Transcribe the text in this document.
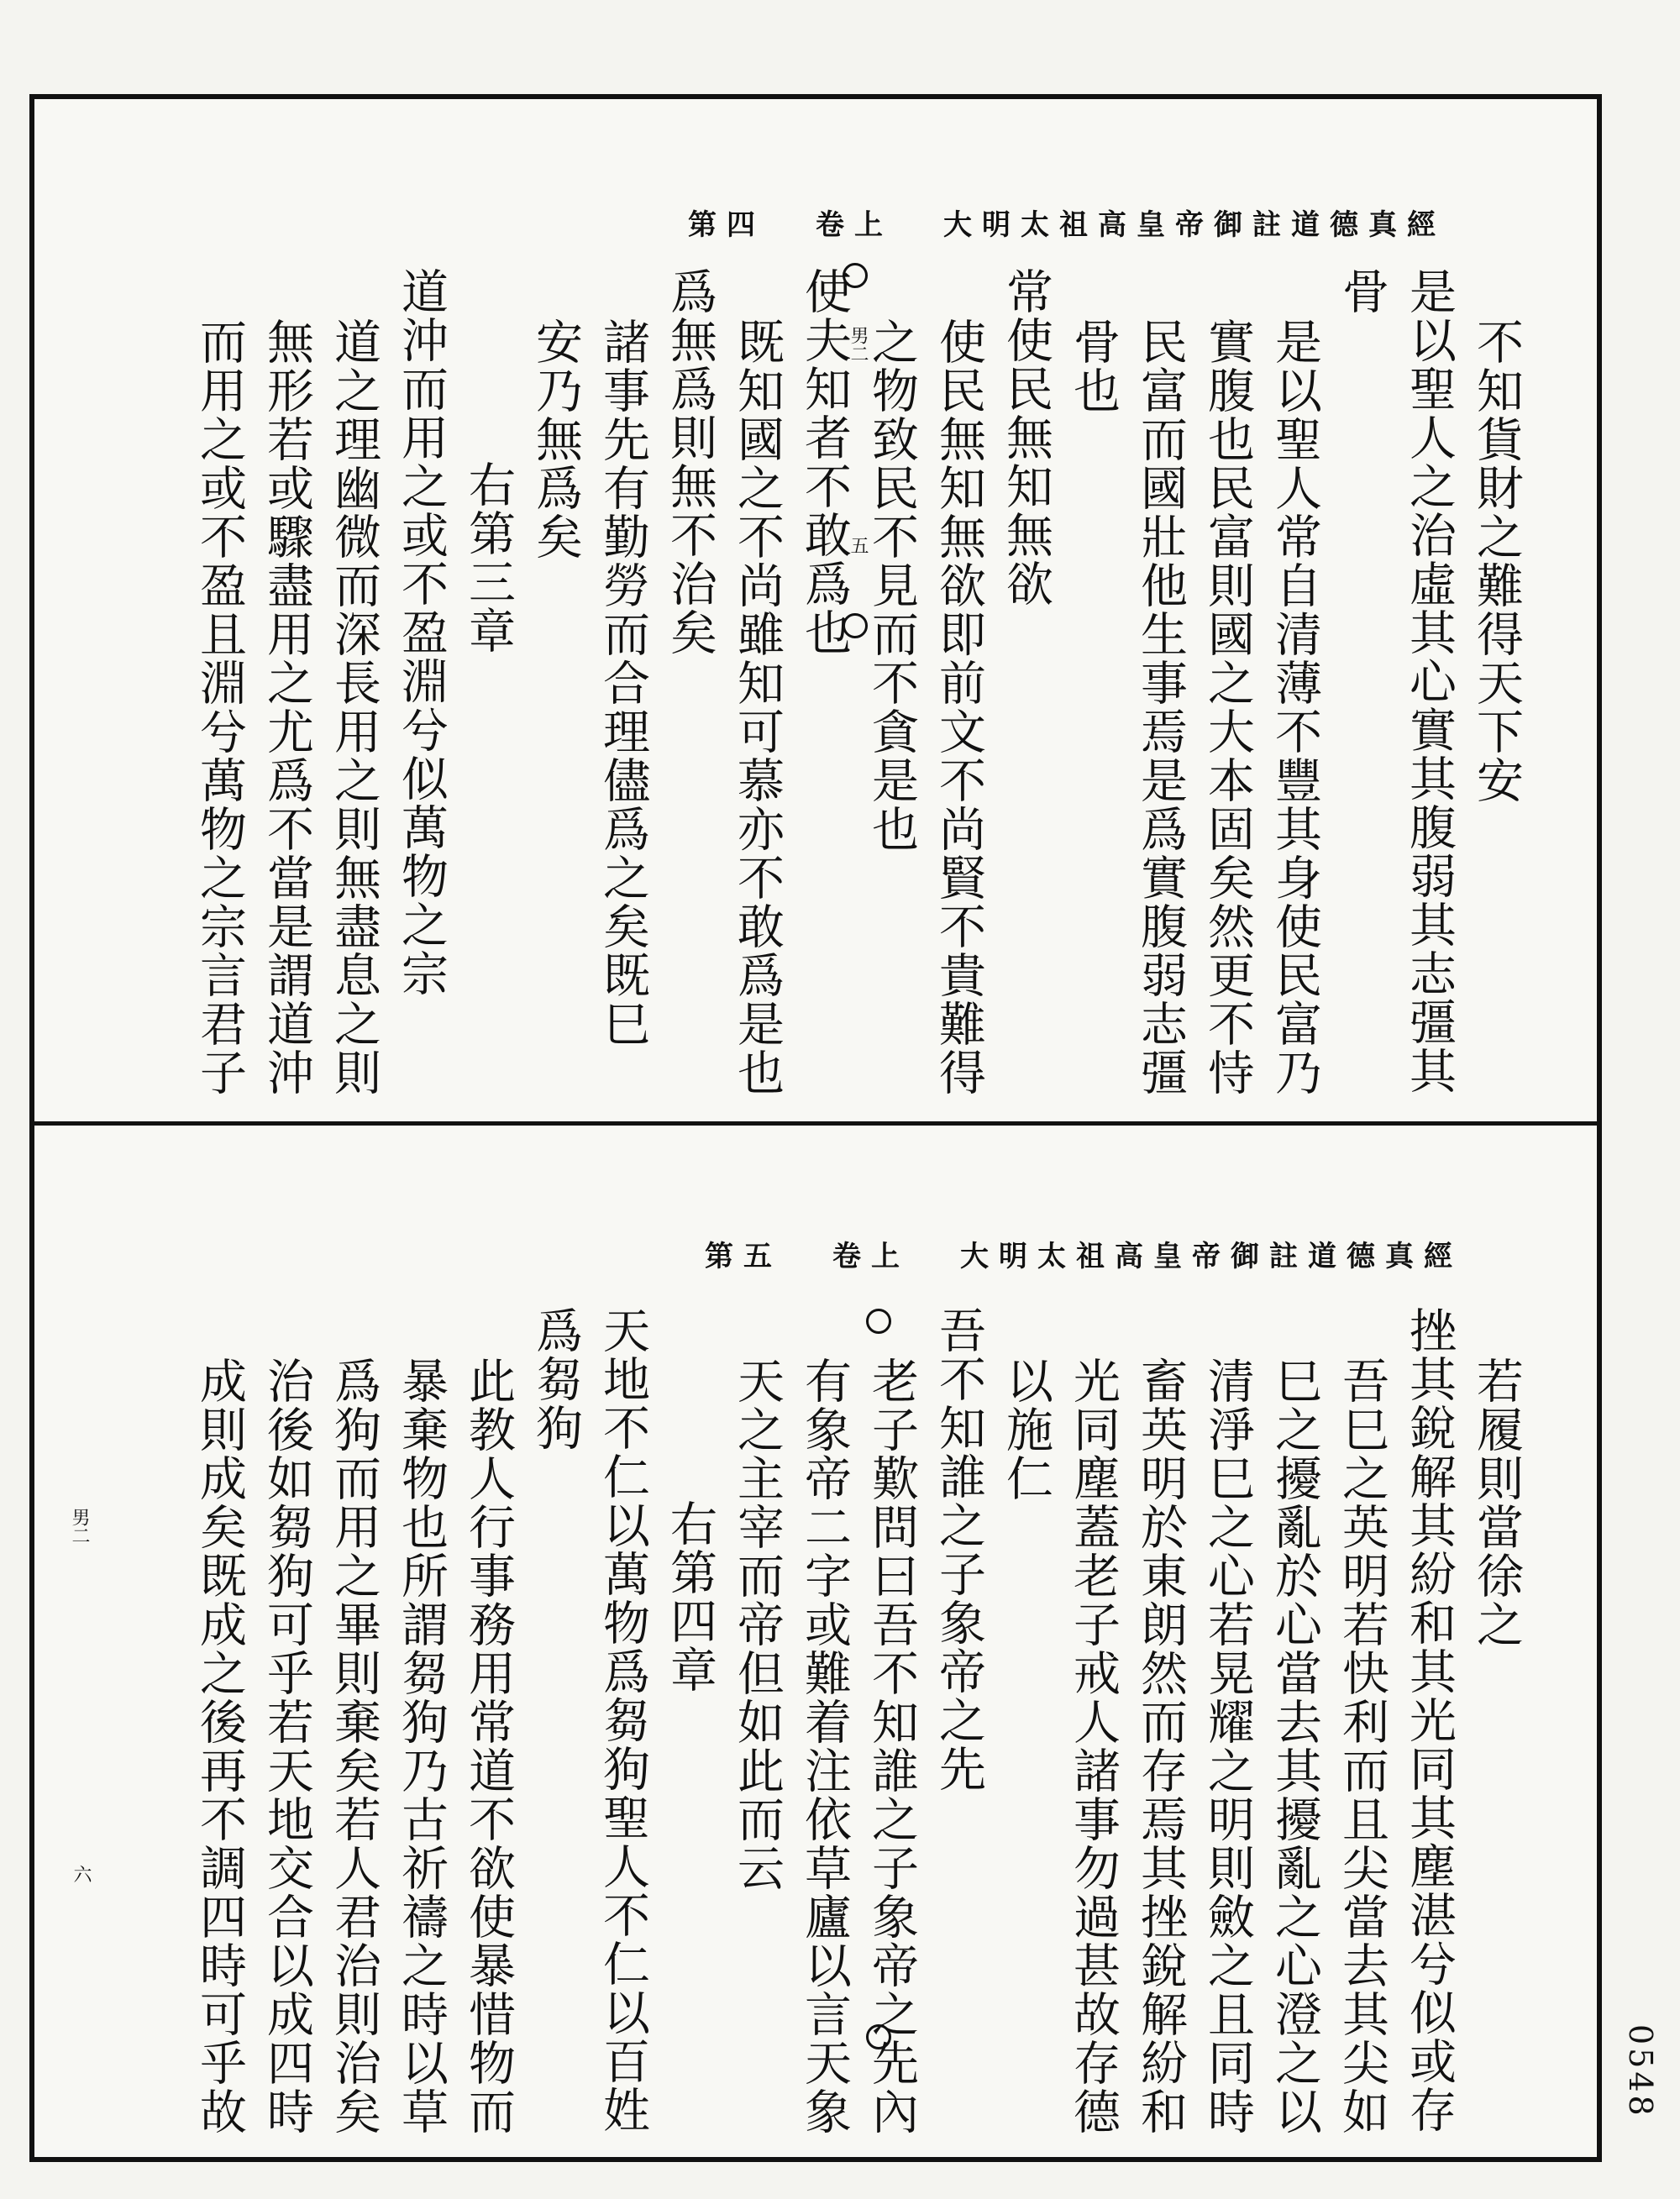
0548
第四 卷上 大明太祖高皇帝御註道德真經
不知貨財之難得天下安
是以聖人之治虛其心實其腹弱其志彊其
骨
是以聖人常自清薄不豐其身使民富乃
實腹也民富則國之大本固矣然更不恃
民富而國壯他生事焉是爲實腹弱志彊
骨也
常使民無知無欲
使民無知無欲即前文不尚賢不貴難得
之物致民不見而不貪是也
使夫知者不敢爲也
既知國之不尚雖知可慕亦不敢爲是也
爲無爲則無不治矣
諸事先有勤勞而合理儘爲之矣既巳
安乃無爲矣
右第三章
道沖而用之或不盈淵兮似萬物之宗
道之理幽微而深長用之則無盡息之則
無形若或驟盡用之尤爲不當是謂道沖
而用之或不盈且淵兮萬物之宗言君子	男二
五
第五 卷上 大明太祖高皇帝御註道德真經
若履則當徐之
挫其銳解其紛和其光同其塵湛兮似或存
吾巳之英明若快利而且尖當去其尖如
巳之擾亂於心當去其擾亂之心澄之以
清淨巳之心若晃耀之明則斂之且同時
畜英明於東朗然而存焉其挫銳解紛和
光同塵蓋老子戒人諸事勿過甚故存德
以施仁
吾不知誰之子象帝之先
老子歎問曰吾不知誰之子象帝之先內
有象帝二字或難着注依草廬以言天象
天之主宰而帝但如此而云
右第四章
天地不仁以萬物爲芻狗聖人不仁以百姓
爲芻狗
此教人行事務用常道不欲使暴惜物而
暴棄物也所謂芻狗乃古祈禱之時以草
爲狗而用之畢則棄矣若人君治則治矣
治後如芻狗可乎若天地交合以成四時
成則成矣既成之後再不調四時可乎故
男二
六
